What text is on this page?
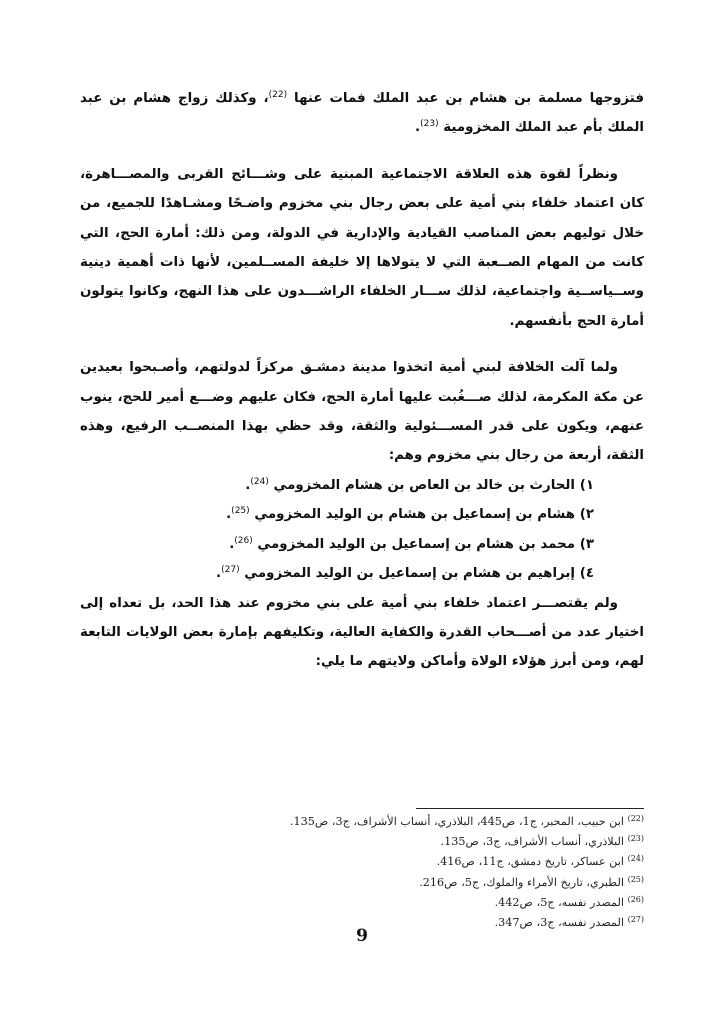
فتزوجها مسلمة بن هشام بن عبد الملك فمات عنها $^{(22)}$، وكذلك زواج هشام بن عبد الملك بأم عبد الملك المخزومية $^{(23)}$.

ونظراً لقوة هذه العلاقة الاجتماعية المبنية على وشـــائج القربى والمصـــاهرة، كان اعتماد خلفاء بني أمية على بعض رجال بني مخزوم واضـحًا ومشـاهدًا للجميع، من خلال توليهم بعض المناصب القيادية والإدارية في الدولة، ومن ذلك: أمارة الحج، التي كانت من المهام الصــعبة التي لا يتولاها إلا خليفة المســلمين، لأنها ذات أهمية دينية وســياســية واجتماعية، لذلك ســـار الخلفاء الراشـــدون على هذا النهج، وكانوا يتولون أمارة الحج بأنفسهم.

ولما آلت الخلافة لبني أمية اتخذوا مدينة دمشـق مركزاً لدولتهم، وأصـبحوا بعيدين عن مكة المكرمة، لذلك صـــغُبت عليها أمارة الحج، فكان عليهم وضـــع أمير للحج، ينوب عنهم، ويكون على قدر المســـئولية والثقة، وقد حظي بهذا المنصــب الرفيع، وهذه الثقة، أربعة من رجال بني مخزوم وهم:

١) الحارث بن خالد بن العاص بن هشام المخزومي $^{(24)}$.
٢) هشام بن إسماعيل بن هشام بن الوليد المخزومي $^{(25)}$.
٣) محمد بن هشام بن إسماعيل بن الوليد المخزومي $^{(26)}$.
٤) إبراهيم بن هشام بن إسماعيل بن الوليد المخزومي $^{(27)}$.

ولم يقتصـــر اعتماد خلفاء بني أمية على بني مخزوم عند هذا الحد، بل تعداه إلى اختيار عدد من أصـــحاب القدرة والكفاية العالية، وتكليفهم بإمارة بعض الولايات التابعة لهم، ومن أبرز هؤلاء الولاة وأماكن ولايتهم ما يلي:

$^{(22)}$ ابن حبيب، المحبر، ج1، ص445، البلاذري، أنساب الأشراف، ج3، ص135.
$^{(23)}$ البلاذري، أنساب الأشراف، ج3، ص135.
$^{(24)}$ ابن عساكر، تاريخ دمشق، ج11، ص416.
$^{(25)}$ الطبري، تاريخ الأمراء والملوك، ج5، ص216.
$^{(26)}$ المصدر نفسه، ج5، ص442.
$^{(27)}$ المصدر نفسه، ج3، ص347.
9
